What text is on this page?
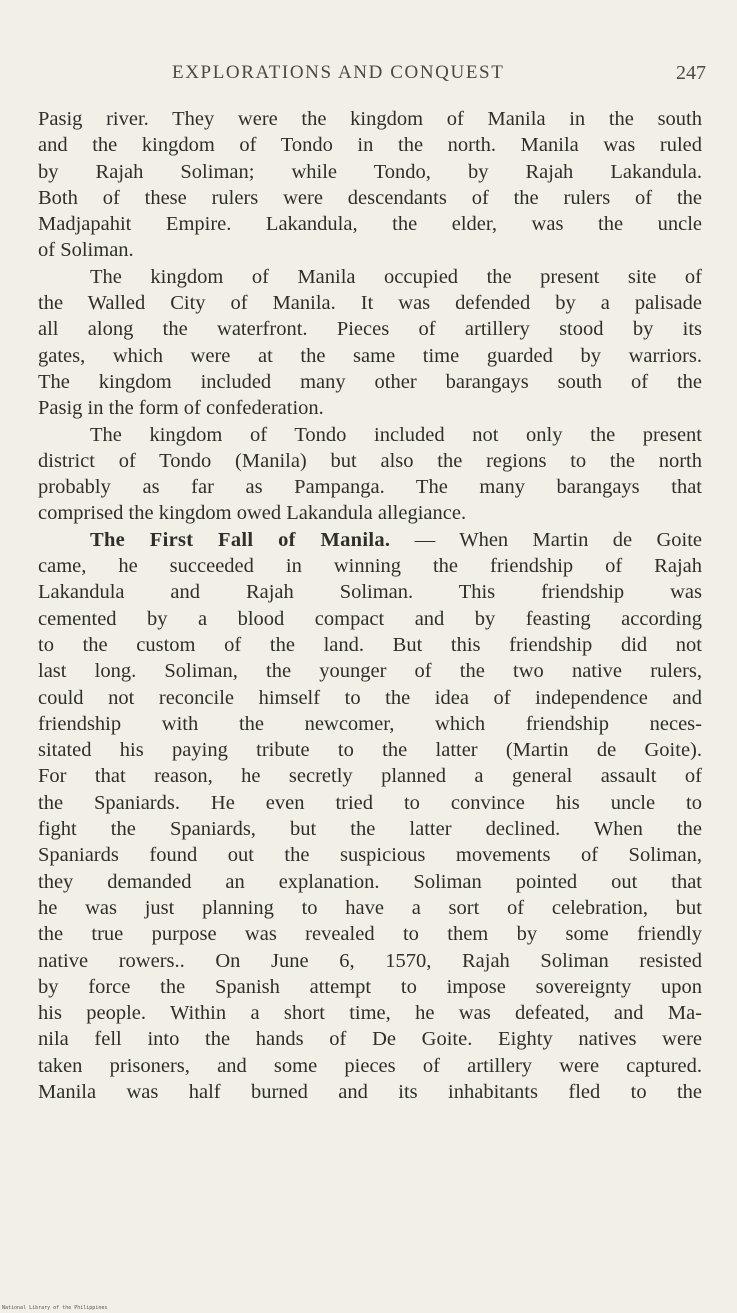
EXPLORATIONS AND CONQUEST	247
Pasig river. They were the kingdom of Manila in the south
and the kingdom of Tondo in the north. Manila was ruled
by Rajah Soliman; while Tondo, by Rajah Lakandula.
Both of these rulers were descendants of the rulers of the
Madjapahit Empire. Lakandula, the elder, was the uncle
of Soliman.
The kingdom of Manila occupied the present site of
the Walled City of Manila. It was defended by a palisade
all along the waterfront. Pieces of artillery stood by its
gates, which were at the same time guarded by warriors.
The kingdom included many other barangays south of the
Pasig in the form of confederation.
The kingdom of Tondo included not only the present
district of Tondo (Manila) but also the regions to the north
probably as far as Pampanga. The many barangays that
comprised the kingdom owed Lakandula allegiance.
The First Fall of Manila. — When Martin de Goite
came, he succeeded in winning the friendship of Rajah
Lakandula and Rajah Soliman. This friendship was
cemented by a blood compact and by feasting according
to the custom of the land. But this friendship did not
last long. Soliman, the younger of the two native rulers,
could not reconcile himself to the idea of independence and
friendship with the newcomer, which friendship neces-
sitated his paying tribute to the latter (Martin de Goite).
For that reason, he secretly planned a general assault of
the Spaniards. He even tried to convince his uncle to
fight the Spaniards, but the latter declined. When the
Spaniards found out the suspicious movements of Soliman,
they demanded an explanation. Soliman pointed out that
he was just planning to have a sort of celebration, but
the true purpose was revealed to them by some friendly
native rowers.. On June 6, 1570, Rajah Soliman resisted
by force the Spanish attempt to impose sovereignty upon
his people. Within a short time, he was defeated, and Ma-
nila fell into the hands of De Goite. Eighty natives were
taken prisoners, and some pieces of artillery were captured.
Manila was half burned and its inhabitants fled to the
National Library of the Philippines
